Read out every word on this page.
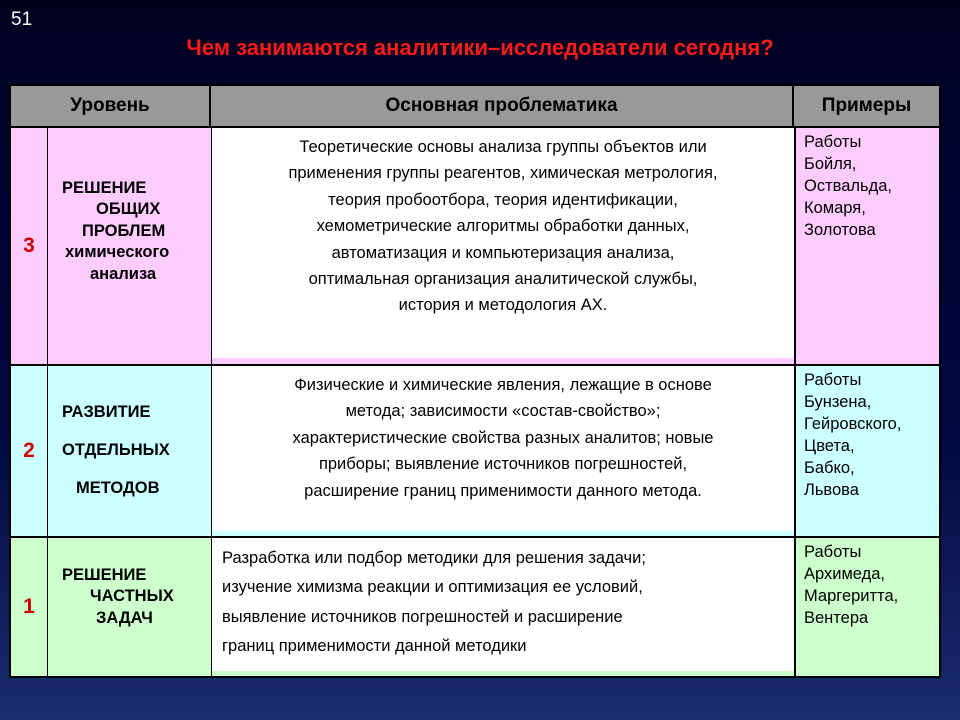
51
Чем занимаются аналитики–исследователи сегодня?
Уровень	Основная проблематика	Примеры
3
РЕШЕНИЕ
ОБЩИХ
ПРОБЛЕМ
химического
анализа
Теоретические основы анализа группы объектов или
применения группы реагентов, химическая метрология,
теория пробоотбора, теория идентификации,
хемометрические алгоритмы обработки данных,
автоматизация и компьютеризация анализа,
оптимальная организация аналитической службы,
история и методология АХ.
Работы
Бойля,
Оствальда,
Комаря,
Золотова
2
РАЗВИТИЕ
ОТДЕЛЬНЫХ
МЕТОДОВ
Физические и химические явления, лежащие в основе
метода; зависимости «состав-свойство»;
характеристические свойства разных аналитов; новые
приборы; выявление источников погрешностей,
расширение границ применимости данного метода.
Работы
Бунзена,
Гейровского,
Цвета,
Бабко,
Львова
1
РЕШЕНИЕ
ЧАСТНЫХ
ЗАДАЧ
Разработка или подбор методики для решения задачи;
изучение химизма реакции и оптимизация ее условий,
выявление источников погрешностей и расширение
границ применимости данной методики
Работы
Архимеда,
Маргеритта,
Вентера
